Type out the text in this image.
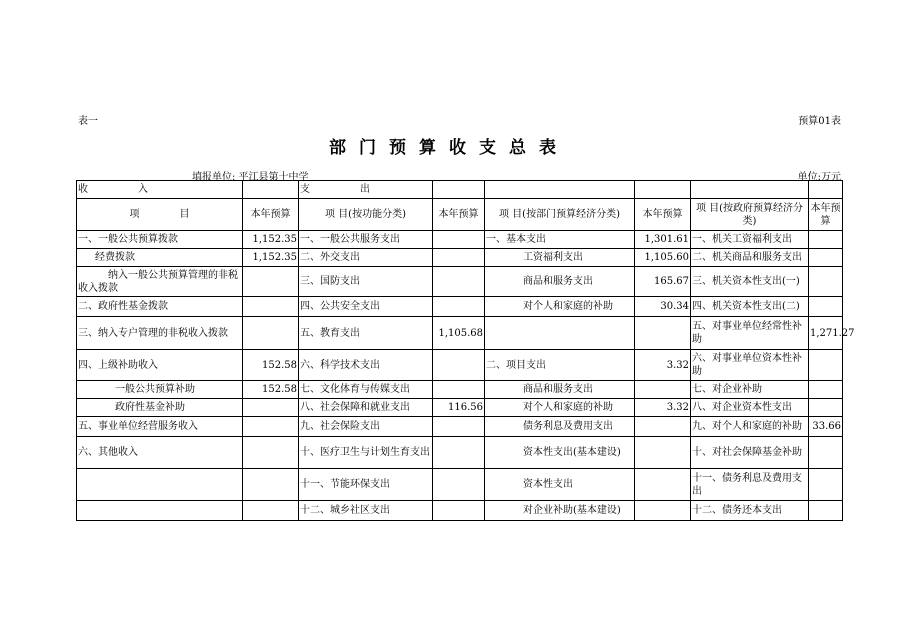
表一	预算01表
部门预算收支总表
填报单位: 平江县第十中学	单位:万元
收　　　　　入		支　　　　　出					
项　　　　目	本年预算	项 目(按功能分类)	本年预算	项 目(按部门预算经济分类)	本年预算	项 目(按政府预算经济分类)	本年预算
一、一般公共预算拨款	1,152.35	一、一般公共服务支出		一、基本支出	1,301.61	一、机关工资福利支出	
经费拨款	1,152.35	二、外交支出		工资福利支出	1,105.60	二、机关商品和服务支出	
纳入一般公共预算管理的非税收入拨款		三、国防支出		商品和服务支出	165.67	三、机关资本性支出(一)	
二、政府性基金拨款		四、公共安全支出		对个人和家庭的补助	30.34	四、机关资本性支出(二)	
三、纳入专户管理的非税收入拨款		五、教育支出	1,105.68			五、对事业单位经常性补助	1,271.27
四、上级补助收入	152.58	六、科学技术支出		二、项目支出	3.32	六、对事业单位资本性补助	
一般公共预算补助	152.58	七、文化体育与传媒支出		商品和服务支出		七、对企业补助	
政府性基金补助		八、社会保障和就业支出	116.56	对个人和家庭的补助	3.32	八、对企业资本性支出	
五、事业单位经营服务收入		九、社会保险支出		债务利息及费用支出		九、对个人和家庭的补助	33.66
六、其他收入		十、医疗卫生与计划生育支出		资本性支出(基本建设)		十、对社会保障基金补助	
		十一、节能环保支出		资本性支出		十一、债务利息及费用支出	
		十二、城乡社区支出		对企业补助(基本建设)		十二、债务还本支出	
